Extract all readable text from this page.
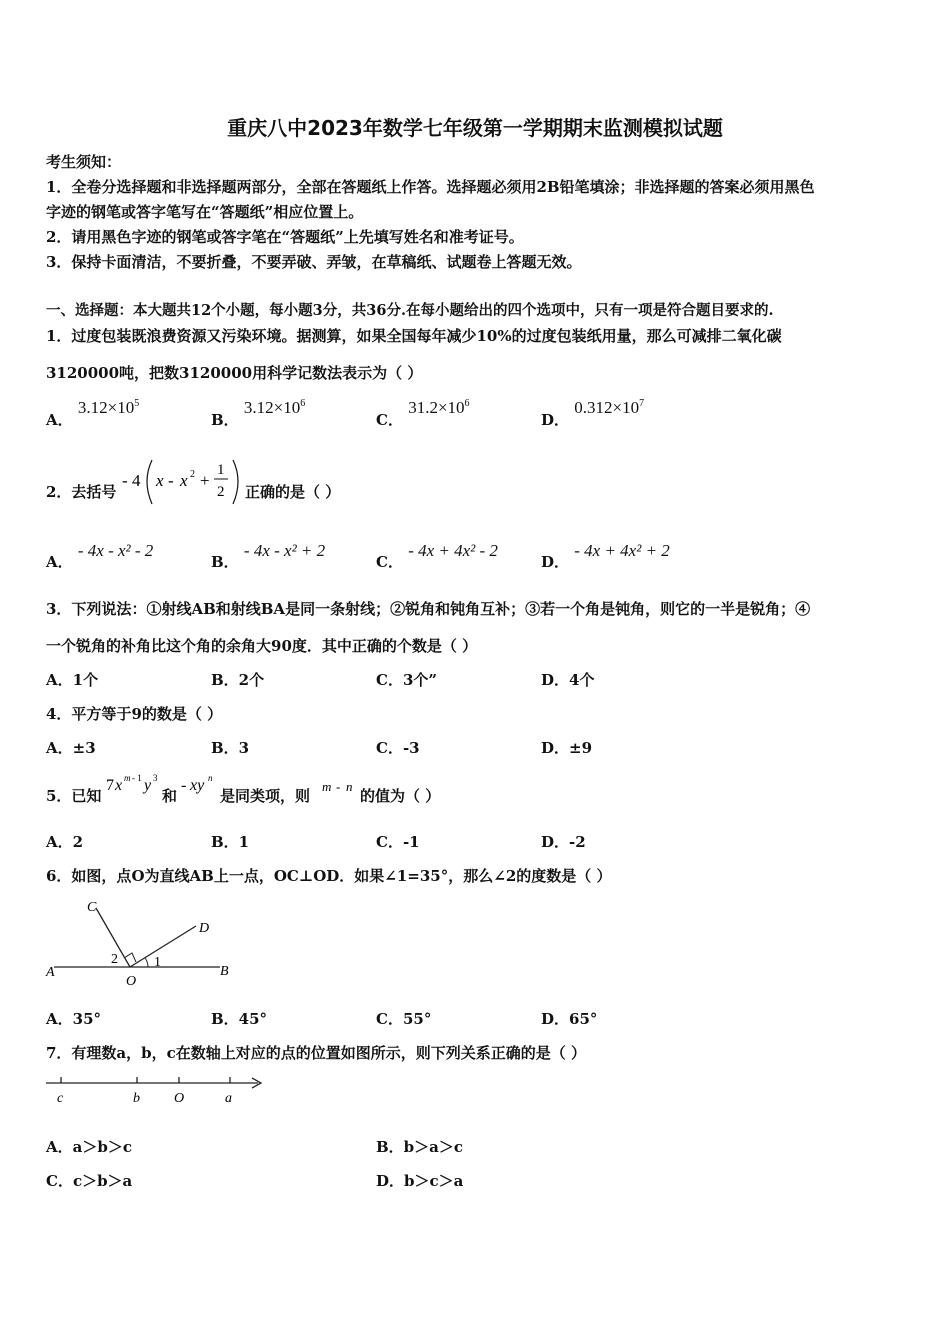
重庆八中2023年数学七年级第一学期期末监测模拟试题
考生须知：
1．全卷分选择题和非选择题两部分，全部在答题纸上作答。选择题必须用2B铅笔填涂；非选择题的答案必须用黑色
字迹的钢笔或答字笔写在“答题纸”相应位置上。
2．请用黑色字迹的钢笔或答字笔在“答题纸”上先填写姓名和准考证号。
3．保持卡面清洁，不要折叠，不要弄破、弄皱，在草稿纸、试题卷上答题无效。
一、选择题：本大题共12个小题，每小题3分，共36分.在每小题给出的四个选项中，只有一项是符合题目要求的.
1．过度包装既浪费资源又污染环境。据测算，如果全国每年减少10%的过度包装纸用量，那么可减排二氧化碳
3120000吨，把数3120000用科学记数法表示为（ ）
A． $3.12\times 10^5$
B． $3.12\times 10^6$
C． $31.2\times 10^6$
D． $0.312\times 10^7$
2．去括号
- 4 x - x 2 +
1
2 正确的是（ ）
A． - 4x - x² - 2
B． - 4x - x² + 2
C． - 4x + 4x² - 2
D． - 4x + 4x² + 2
3．下列说法：①射线AB和射线BA是同一条射线；②锐角和钝角互补；③若一个角是钝角，则它的一半是锐角；④
一个锐角的补角比这个角的余角大90度．其中正确的个数是（ ）
A．1个	B．2个	C．3个”	D．4个
4．平方等于9的数是（ ）
A．±3	B．3	C．-3	D．±9
5．已知
7 x m - 1 y 3
和
- xy n
是同类项，则
m - n
的值为（ ）
A．2	B．1	C．-1	D．-2
6．如图，点O为直线AB上一点，OC⊥OD．如果∠1=35°，那么∠2的度数是（ ）
A	B
C
D
O
1
2
A．35°	B．45°	C．55°	D．65°
7．有理数a，b，c在数轴上对应的点的位置如图所示，则下列关系正确的是（ ）
c	b O	a
A．a＞b＞c	B．b＞a＞c
C．c＞b＞a	D．b＞c＞a
